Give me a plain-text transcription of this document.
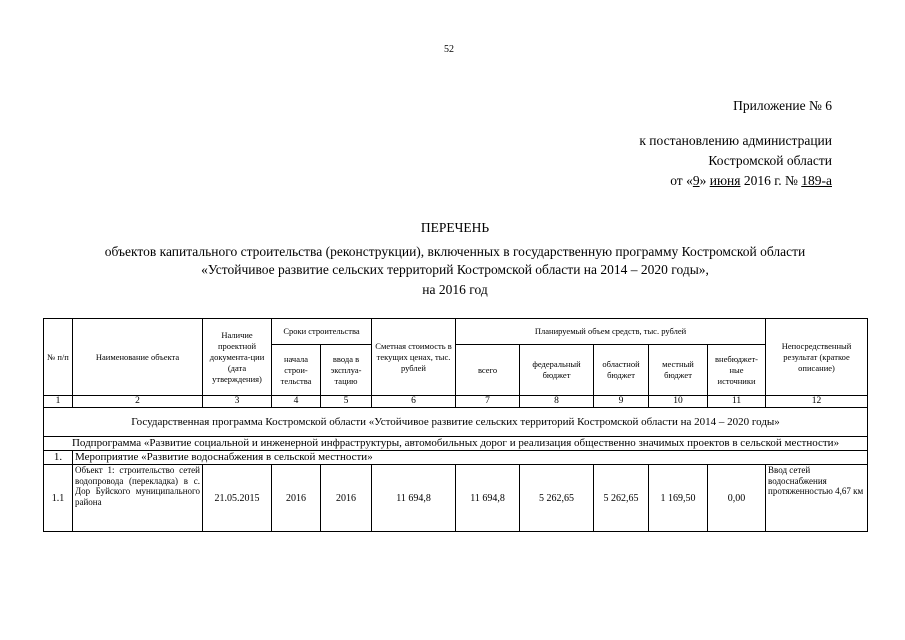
52
Приложение № 6
к постановлению администрации
Костромской области
от «9» июня 2016 г. № 189-а
ПЕРЕЧЕНЬ
объектов капитального строительства (реконструкции), включенных в государственную программу Костромской области
«Устойчивое развитие сельских территорий Костромской области на 2014 – 2020 годы»,
на 2016 год
№ п/п	Наименование объекта	Наличие проектной документа-ции (дата утверждения)	Сроки строительства		Сметная стоимость в текущих ценах, тыс. рублей	Планируемый объем средств, тыс. рублей					Непосредственный результат (краткое описание)
			начала строи-тельства	ввода в эксплуа-тацию		всего	федеральный бюджет	областной бюджет	местный бюджет	внебюджет-ные источники	
1	2	3	4	5	6	7	8	9	10	11	12
Государственная программа Костромской области «Устойчивое развитие сельских территорий Костромской области на 2014 – 2020 годы»											
Подпрограмма «Развитие социальной и инженерной инфраструктуры, автомобильных дорог и реализация общественно значимых проектов в сельской местности»											
1.	Мероприятие «Развитие водоснабжения в сельской местности»										
1.1	Объект 1: строительство сетей водопровода (перекладка) в с. Дор Буйского муниципального района	21.05.2015	2016	2016	11 694,8	11 694,8	5 262,65	5 262,65	1 169,50	0,00	Ввод сетей водоснабжения протяженностью 4,67 км
